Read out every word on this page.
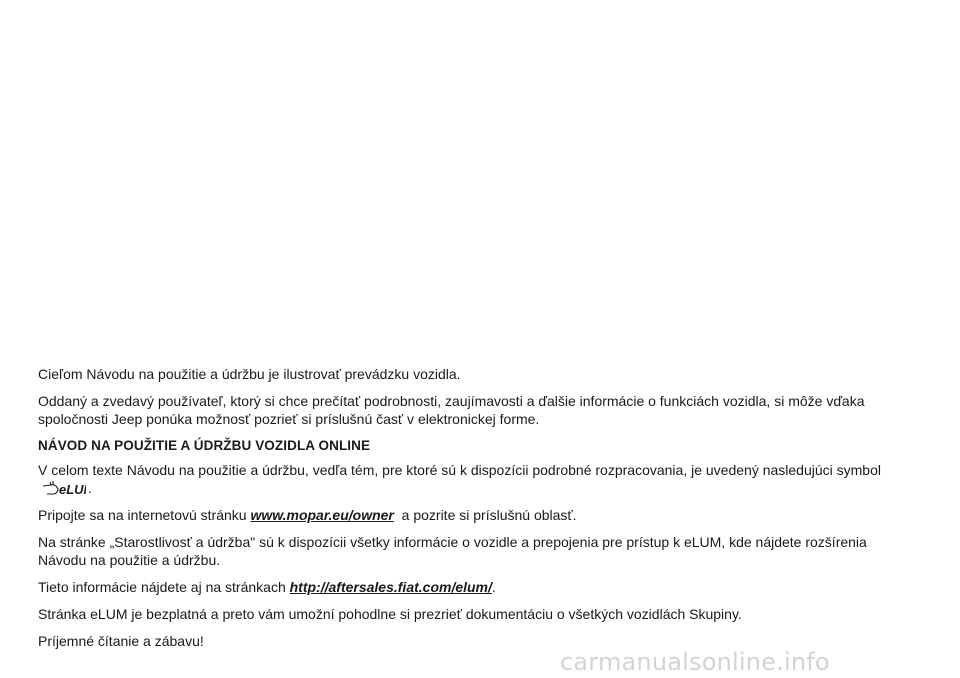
Cieľom Návodu na použitie a údržbu je ilustrovať prevádzku vozidla.

Oddaný a zvedavý používateľ, ktorý si chce prečítať podrobnosti, zaujímavosti a ďalšie informácie o funkciách vozidla, si môže vďaka spoločnosti Jeep ponúka možnosť pozrieť si príslušnú časť v elektronickej forme.

NÁVOD NA POUŽITIE A ÚDRŽBU VOZIDLA ONLINE

V celom texte Návodu na použitie a údržbu, vedľa tém, pre ktoré sú k dispozícii podrobné rozpracovania, je uvedený nasledujúci symbol
eLU .

Pripojte sa na internetovú stránku www.mopar.eu/owner a pozrite si príslušnú oblasť.

Na stránke „Starostlivosť a údržba" sú k dispozícii všetky informácie o vozidle a prepojenia pre prístup k eLUM, kde nájdete rozšírenia Návodu na použitie a údržbu.

Tieto informácie nájdete aj na stránkach http://aftersales.fiat.com/elum/.

Stránka eLUM je bezplatná a preto vám umožní pohodlne si prezrieť dokumentáciu o všetkých vozidlách Skupiny.

Príjemné čítanie a zábavu!

carmanualsonline.info
